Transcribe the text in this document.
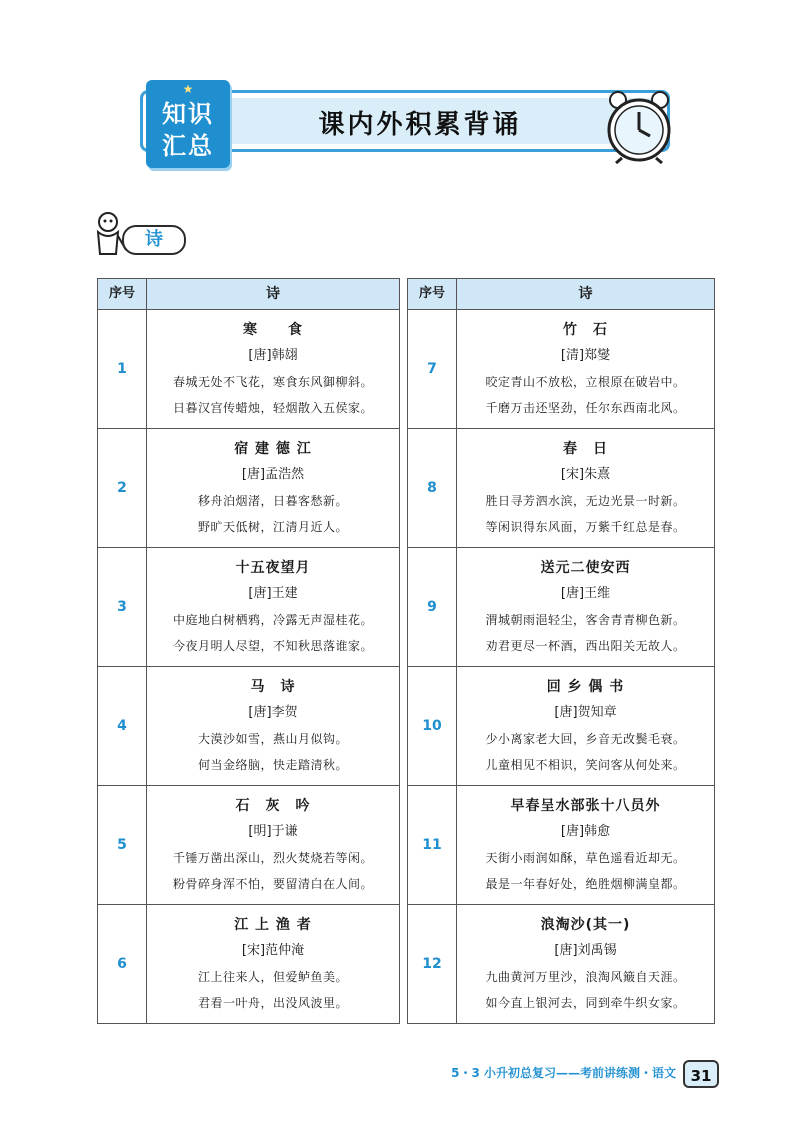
★
知识
汇总
课内外积累背诵
诗
序号	诗
1
寒　　食
[唐]韩翃
春城无处不飞花，寒食东风御柳斜。
日暮汉宫传蜡烛，轻烟散入五侯家。
2
宿 建 德 江
[唐]孟浩然
移舟泊烟渚，日暮客愁新。
野旷天低树，江清月近人。
3
十五夜望月
[唐]王建
中庭地白树栖鸦，冷露无声湿桂花。
今夜月明人尽望，不知秋思落谁家。
4
马　诗
[唐]李贺
大漠沙如雪，燕山月似钩。
何当金络脑，快走踏清秋。
5
石　灰　吟
[明]于谦
千锤万凿出深山，烈火焚烧若等闲。
粉骨碎身浑不怕，要留清白在人间。
6
江 上 渔 者
[宋]范仲淹
江上往来人，但爱鲈鱼美。
君看一叶舟，出没风波里。
序号	诗
7
竹　石
[清]郑燮
咬定青山不放松，立根原在破岩中。
千磨万击还坚劲，任尔东西南北风。
8
春　日
[宋]朱熹
胜日寻芳泗水滨，无边光景一时新。
等闲识得东风面，万紫千红总是春。
9
送元二使安西
[唐]王维
渭城朝雨浥轻尘，客舍青青柳色新。
劝君更尽一杯酒，西出阳关无故人。
10
回 乡 偶 书
[唐]贺知章
少小离家老大回，乡音无改鬓毛衰。
儿童相见不相识，笑问客从何处来。
11
早春呈水部张十八员外
[唐]韩愈
天街小雨润如酥，草色遥看近却无。
最是一年春好处，绝胜烟柳满皇都。
12
浪淘沙(其一)
[唐]刘禹锡
九曲黄河万里沙，浪淘风簸自天涯。
如今直上银河去，同到牵牛织女家。
5・3 小升初总复习——考前讲练测・语文 31
